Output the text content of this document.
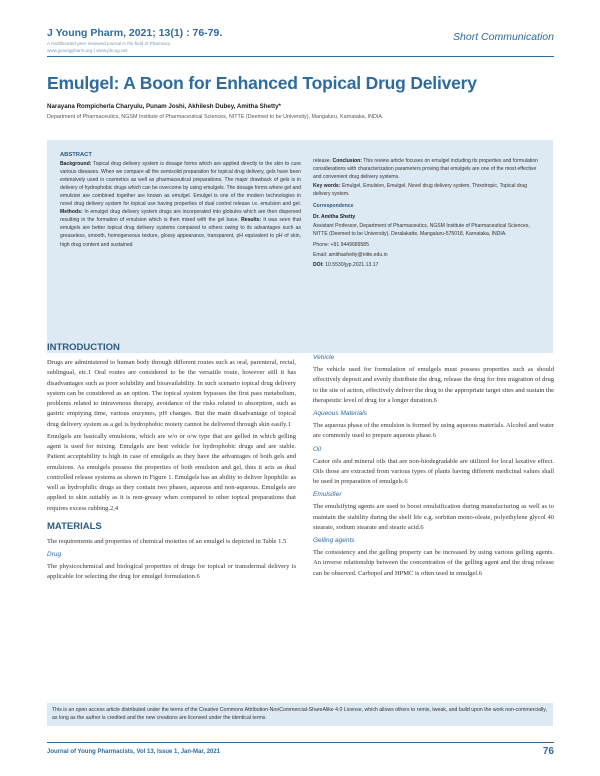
J Young Pharm, 2021; 13(1) : 76-79.
A multifaceted peer reviewed journal in the field of Pharmacy
www.jyoungpharm.org | www.phcog.net
Short Communication
Emulgel: A Boon for Enhanced Topical Drug Delivery
Narayana Rompicherla Charyulu, Punam Joshi, Akhilesh Dubey, Amitha Shetty*
Department of Pharmaceutics, NGSM Institute of Pharmaceutical Sciences, NITTE (Deemed to be University), Mangaluru, Karnataka, INDIA.
ABSTRACT
Background: Topical drug delivery system is dosage forms which are applied directly to the skin to cure various diseases. When we compare all the semisolid preparation for topical drug delivery, gels have been extensively used in cosmetics as well as pharmaceutical preparations. The major drawback of gels is in delivery of hydrophobic drugs which can be overcome by using emulgels. The dosage forms where gel and emulsion are combined together are known as emulgel. Emulgel is one of the modern technologies in novel drug delivery system for topical use having properties of dual control release i.e. emulsion and gel. Methods: In emulgel drug delivery system drugs are incorporated into globules which are then dispersed resulting in the formation of emulsion which is then mixed with the gel base. Results: It was seen that emulgels are better topical drug delivery systems compared to others owing to its advantages such as greaseless, smooth, homogeneous texture, glossy appearance, transparent, pH equivalent to pH of skin, high drug content and sustained
release. Conclusion: This review article focuses on emulgel including its properties and formulation considerations with characterization parameters proving that emulgels are one of the most effective and convenient drug delivery systems.
Key words: Emulgel, Emulsion, Emulgel, Novel drug delivery system, Thixotropic, Topical drug delivery system.
Correspondence
Dr. Amitha Shetty
Assistant Professor, Department of Pharmaceutics, NGSM Institute of Pharmaceutical Sciences, NITTE (Deemed to be University), Deralakatte, Mangaluru-575018, Karnataka, INDIA.
Phone: +91 9449689585
Email: amithashetty@nitte.edu.in
DOI: 10.5530/jyp.2021.13.17
INTRODUCTION

Drugs are administered to human body through different routes such as oral, parenteral, rectal, sublingual, etc.1 Oral routes are considered to be the versatile route, however still it has disadvantages such as poor solubility and bioavailability. In such scenario topical drug delivery system can be considered as an option. The topical system bypasses the first pass metabolism, problems related to intravenous therapy, avoidance of the risks related to absorption, such as gastric emptying time, various enzymes, pH changes. But the main disadvantage of topical drug delivery system as a gel is hydrophobic moiety cannot be delivered through skin easily.1

Emulgels are basically emulsions, which are w/o or o/w type that are gelled in which gelling agent is used for mixing. Emulgels are best vehicle for hydrophobic drugs and are stable. Patient acceptability is high in case of emulgels as they have the advantages of both gels and emulsions. As emulgels possess the properties of both emulsion and gel, thus it acts as dual controlled release systems as shown in Figure 1. Emulgels has an ability to deliver lipophilic as well as hydrophilic drugs as they contain two phases, aqueous and non-aqueous. Emulgels are applied to skin suitably as it is non-greasy when compared to other topical preparations that requires excess rubbing.2,4

MATERIALS

The requirements and properties of chemical moieties of an emulgel is depicted in Table 1.5

Drug

The physicochemical and biological properties of drugs for topical or transdermal delivery is applicable for selecting the drug for emulgel formulation.6

Vehicle

The vehicle used for formulation of emulgels must possess properties such as should effectively deposit and evenly distribute the drug, release the drug for free migration of drug to the site of action, effectively deliver the drug to the appropriate target sites and sustain the therapeutic level of drug for a longer duration.6

Aqueous Materials

The aqueous phase of the emulsion is formed by using aqueous materials. Alcohol and water are commonly used to prepare aqueous phase.6

Oil

Castor oils and mineral oils that are non-biodegradable are utilized for local laxative effect. Oils those are extracted from various types of plants having different medicinal values shall be used in preparation of emulgels.6

Emulsifier

The emulsifying agents are used to boost emulsification during manufacturing as well as to maintain the stability during the shelf life e.g. sorbitan mono-oleate, polyethylene glycol 40 stearate, sodium stearate and stearic acid.6

Gelling agents

The consistency and the gelling property can be increased by using various gelling agents. An inverse relationship between the concentration of the gelling agent and the drug release can be observed. Carbopol and HPMC is often used in emulgel.6

This is an open access article distributed under the terms of the Creative Commons Attribution-NonCommercial-ShareAlike 4.0 License, which allows others to remix, tweak, and build upon the work non-commercially, as long as the author is credited and the new creations are licensed under the identical terms.
Journal of Young Pharmacists, Vol 13, Issue 1, Jan-Mar, 2021	76
